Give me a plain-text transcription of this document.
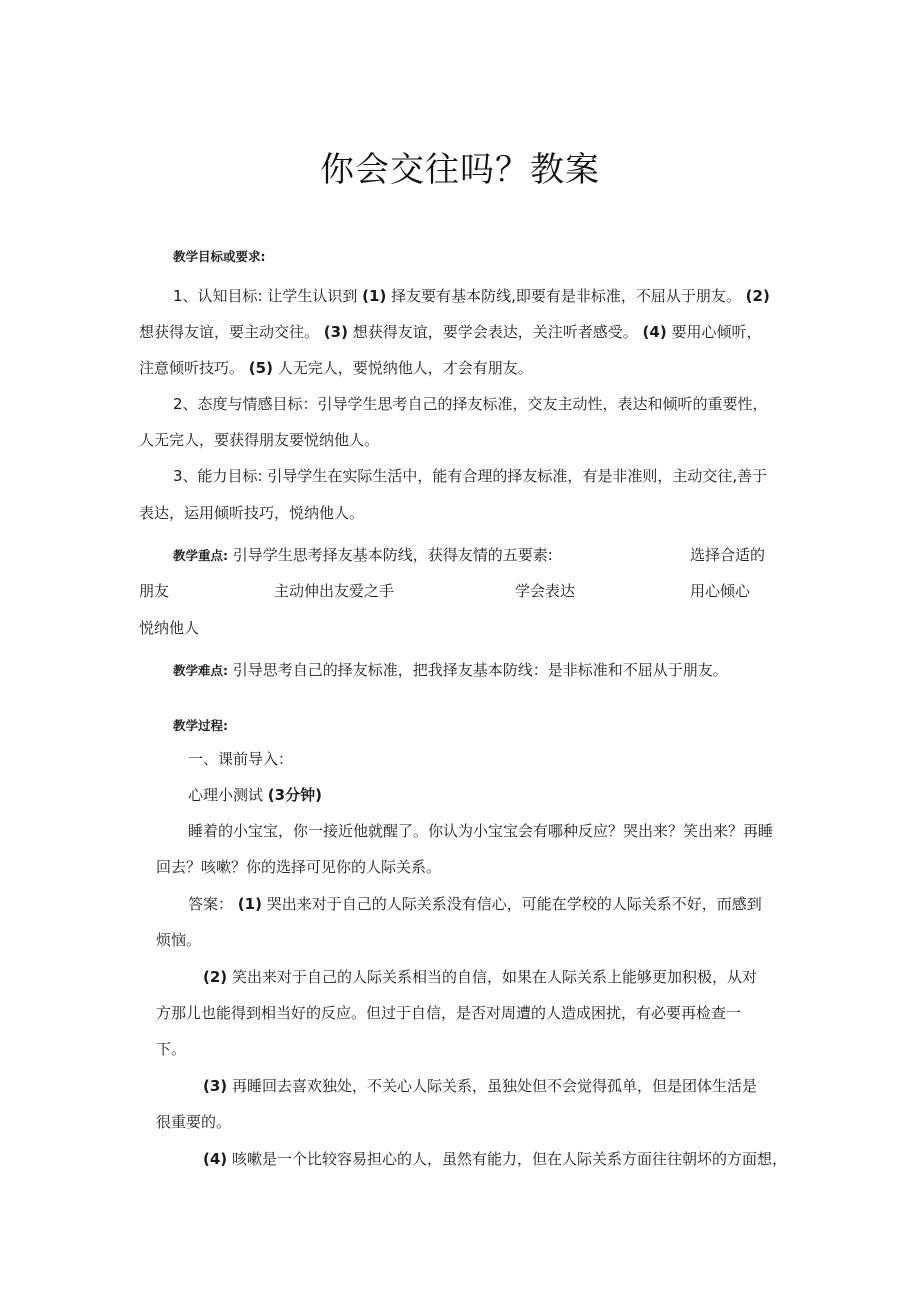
你会交往吗？教案
教学目标或要求:
1、认知目标: 让学生认识到 (1) 择友要有基本防线,即要有是非标准，不屈从于朋友。 (2)
想获得友谊，要主动交往。 (3) 想获得友谊，要学会表达，关注听者感受。 (4) 要用心倾听，
注意倾听技巧。 (5) 人无完人，要悦纳他人，才会有朋友。
2、态度与情感目标：引导学生思考自己的择友标准，交友主动性，表达和倾听的重要性，
人无完人，要获得朋友要悦纳他人。
3、能力目标: 引导学生在实际生活中，能有合理的择友标准，有是非准则，主动交往,善于
表达，运用倾听技巧，悦纳他人。
教学重点: 引导学生思考择友基本防线，获得友情的五要素:	选择合适的
朋友	主动伸出友爱之手	学会表达	用心倾心
悦纳他人
教学难点: 引导思考自己的择友标准，把我择友基本防线：是非标准和不屈从于朋友。
教学过程:
一、课前导入：
心理小测试 (3分钟)
睡着的小宝宝，你一接近他就醒了。你认为小宝宝会有哪种反应？哭出来？笑出来？再睡
回去？咳嗽？你的选择可见你的人际关系。
答案： (1) 哭出来对于自己的人际关系没有信心，可能在学校的人际关系不好，而感到
烦恼。
(2) 笑出来对于自己的人际关系相当的自信，如果在人际关系上能够更加积极，从对
方那儿也能得到相当好的反应。但过于自信，是否对周遭的人造成困扰，有必要再检查一
下。
(3) 再睡回去喜欢独处，不关心人际关系，虽独处但不会觉得孤单，但是团体生活是
很重要的。
(4) 咳嗽是一个比较容易担心的人，虽然有能力，但在人际关系方面往往朝坏的方面想，
